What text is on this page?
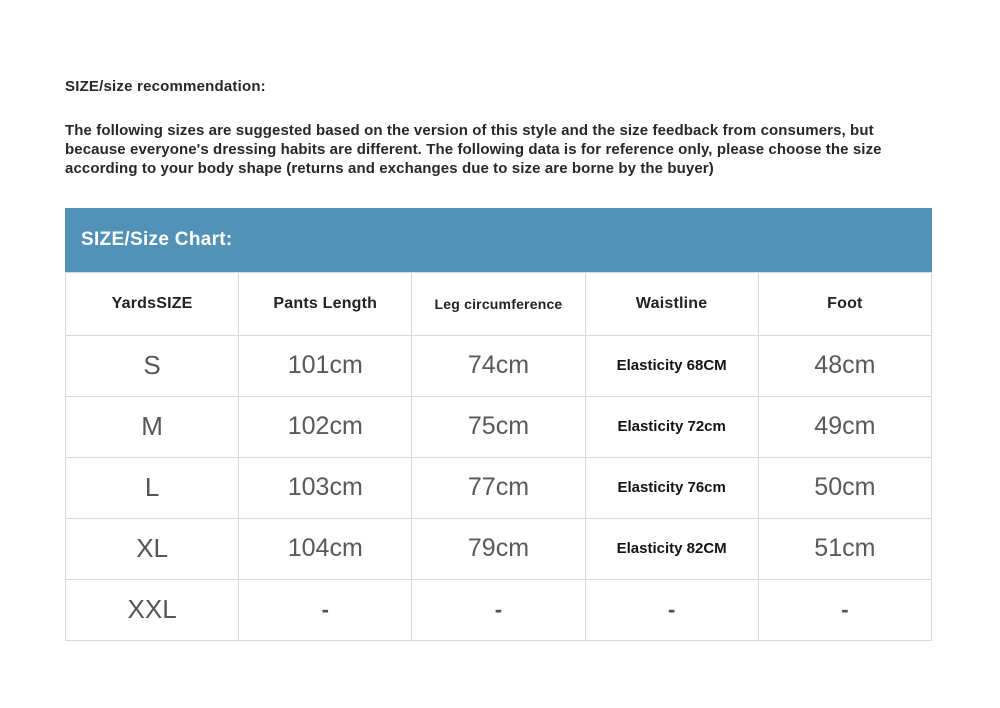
SIZE/size recommendation:

The following sizes are suggested based on the version of this style and the size feedback from consumers, but because everyone's dressing habits are different. The following data is for reference only, please choose the size according to your body shape (returns and exchanges due to size are borne by the buyer)

SIZE/Size Chart:
YardsSIZE	Pants Length	Leg circumference	Waistline	Foot
S	101cm	74cm	Elasticity 68CM	48cm
M	102cm	75cm	Elasticity 72cm	49cm
L	103cm	77cm	Elasticity 76cm	50cm
XL	104cm	79cm	Elasticity 82CM	51cm
XXL	-	-	-	-
